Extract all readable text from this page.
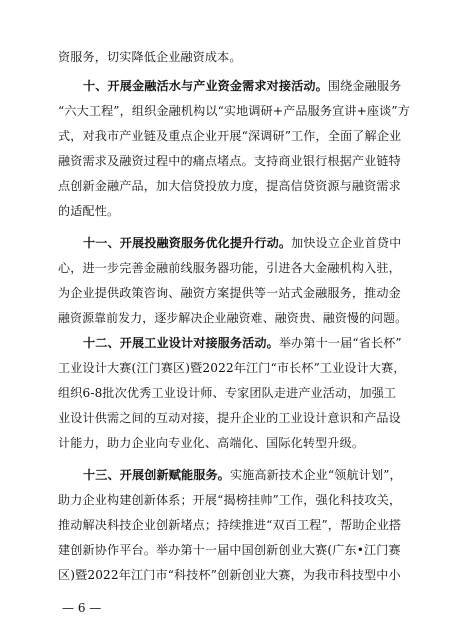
资服务，切实降低企业融资成本。
十、开展金融活水与产业资金需求对接活动。围绕金融服务
“六大工程”，组织金融机构以“实地调研+产品服务宣讲+座谈”方
式，对我市产业链及重点企业开展“深调研”工作，全面了解企业
融资需求及融资过程中的痛点堵点。支持商业银行根据产业链特
点创新金融产品，加大信贷投放力度，提高信贷资源与融资需求
的适配性。
十一、开展投融资服务优化提升行动。加快设立企业首贷中
心，进一步完善金融前线服务器功能，引进各大金融机构入驻，
为企业提供政策咨询、融资方案提供等一站式金融服务，推动金
融资源靠前发力，逐步解决企业融资难、融资贵、融资慢的问题。
十二、开展工业设计对接服务活动。举办第十一届“省长杯”
工业设计大赛(江门赛区)暨2022年江门“市长杯”工业设计大赛，
组织6-8批次优秀工业设计师、专家团队走进产业活动，加强工
业设计供需之间的互动对接，提升企业的工业设计意识和产品设
计能力，助力企业向专业化、高端化、国际化转型升级。
十三、开展创新赋能服务。实施高新技术企业“领航计划”，
助力企业构建创新体系；开展“揭榜挂帅”工作，强化科技攻关，
推动解决科技企业创新堵点；持续推进“双百工程”，帮助企业搭
建创新协作平台。举办第十一届中国创新创业大赛(广东•江门赛
区)暨2022年江门市“科技杯”创新创业大赛，为我市科技型中小
— 6 —
